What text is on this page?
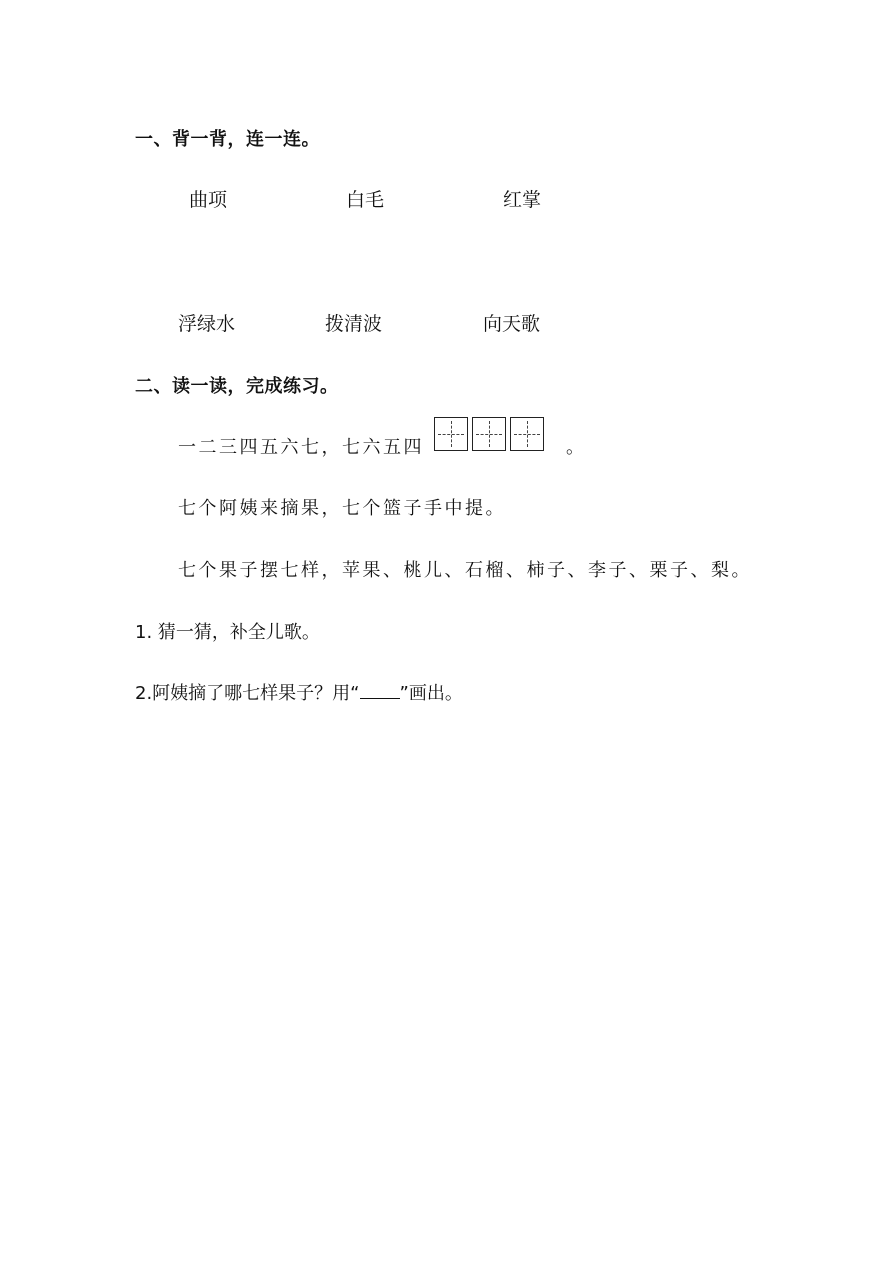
一、背一背，连一连。
曲项	白毛	红掌
浮绿水	拨清波	向天歌
二、读一读，完成练习。
一二三四五六七，七六五四	。
七个阿姨来摘果，七个篮子手中提。
七个果子摆七样，苹果、桃儿、石榴、柿子、李子、栗子、梨。
1. 猜一猜，补全儿歌。
2.阿姨摘了哪七样果子？用“ ”画出。
